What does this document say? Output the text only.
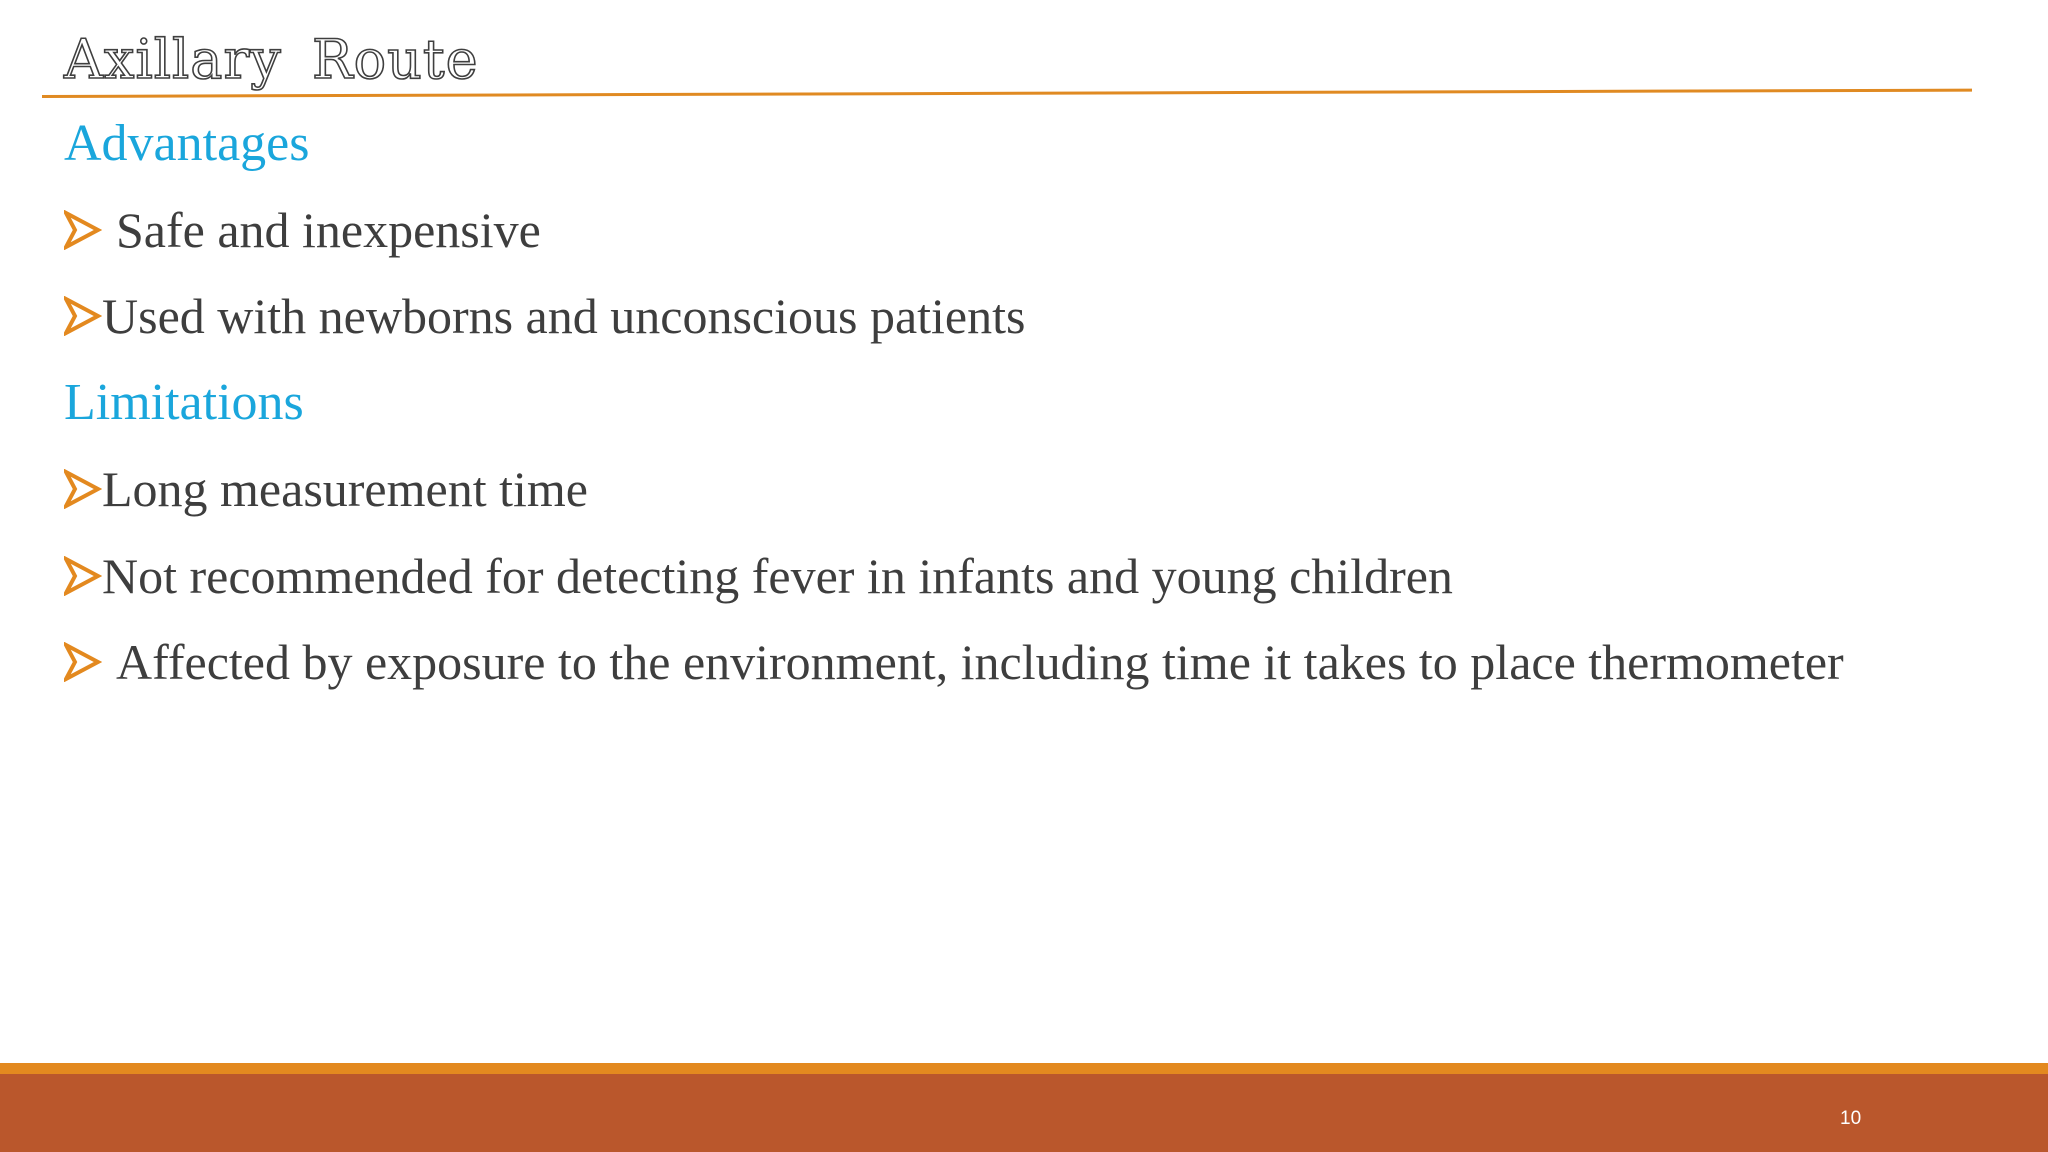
Axillary Route
Advantages
Safe and inexpensive
Used with newborns and unconscious patients
Limitations
Long measurement time
Not recommended for detecting fever in infants and young children
Affected by exposure to the environment, including time it takes to place thermometer
10
